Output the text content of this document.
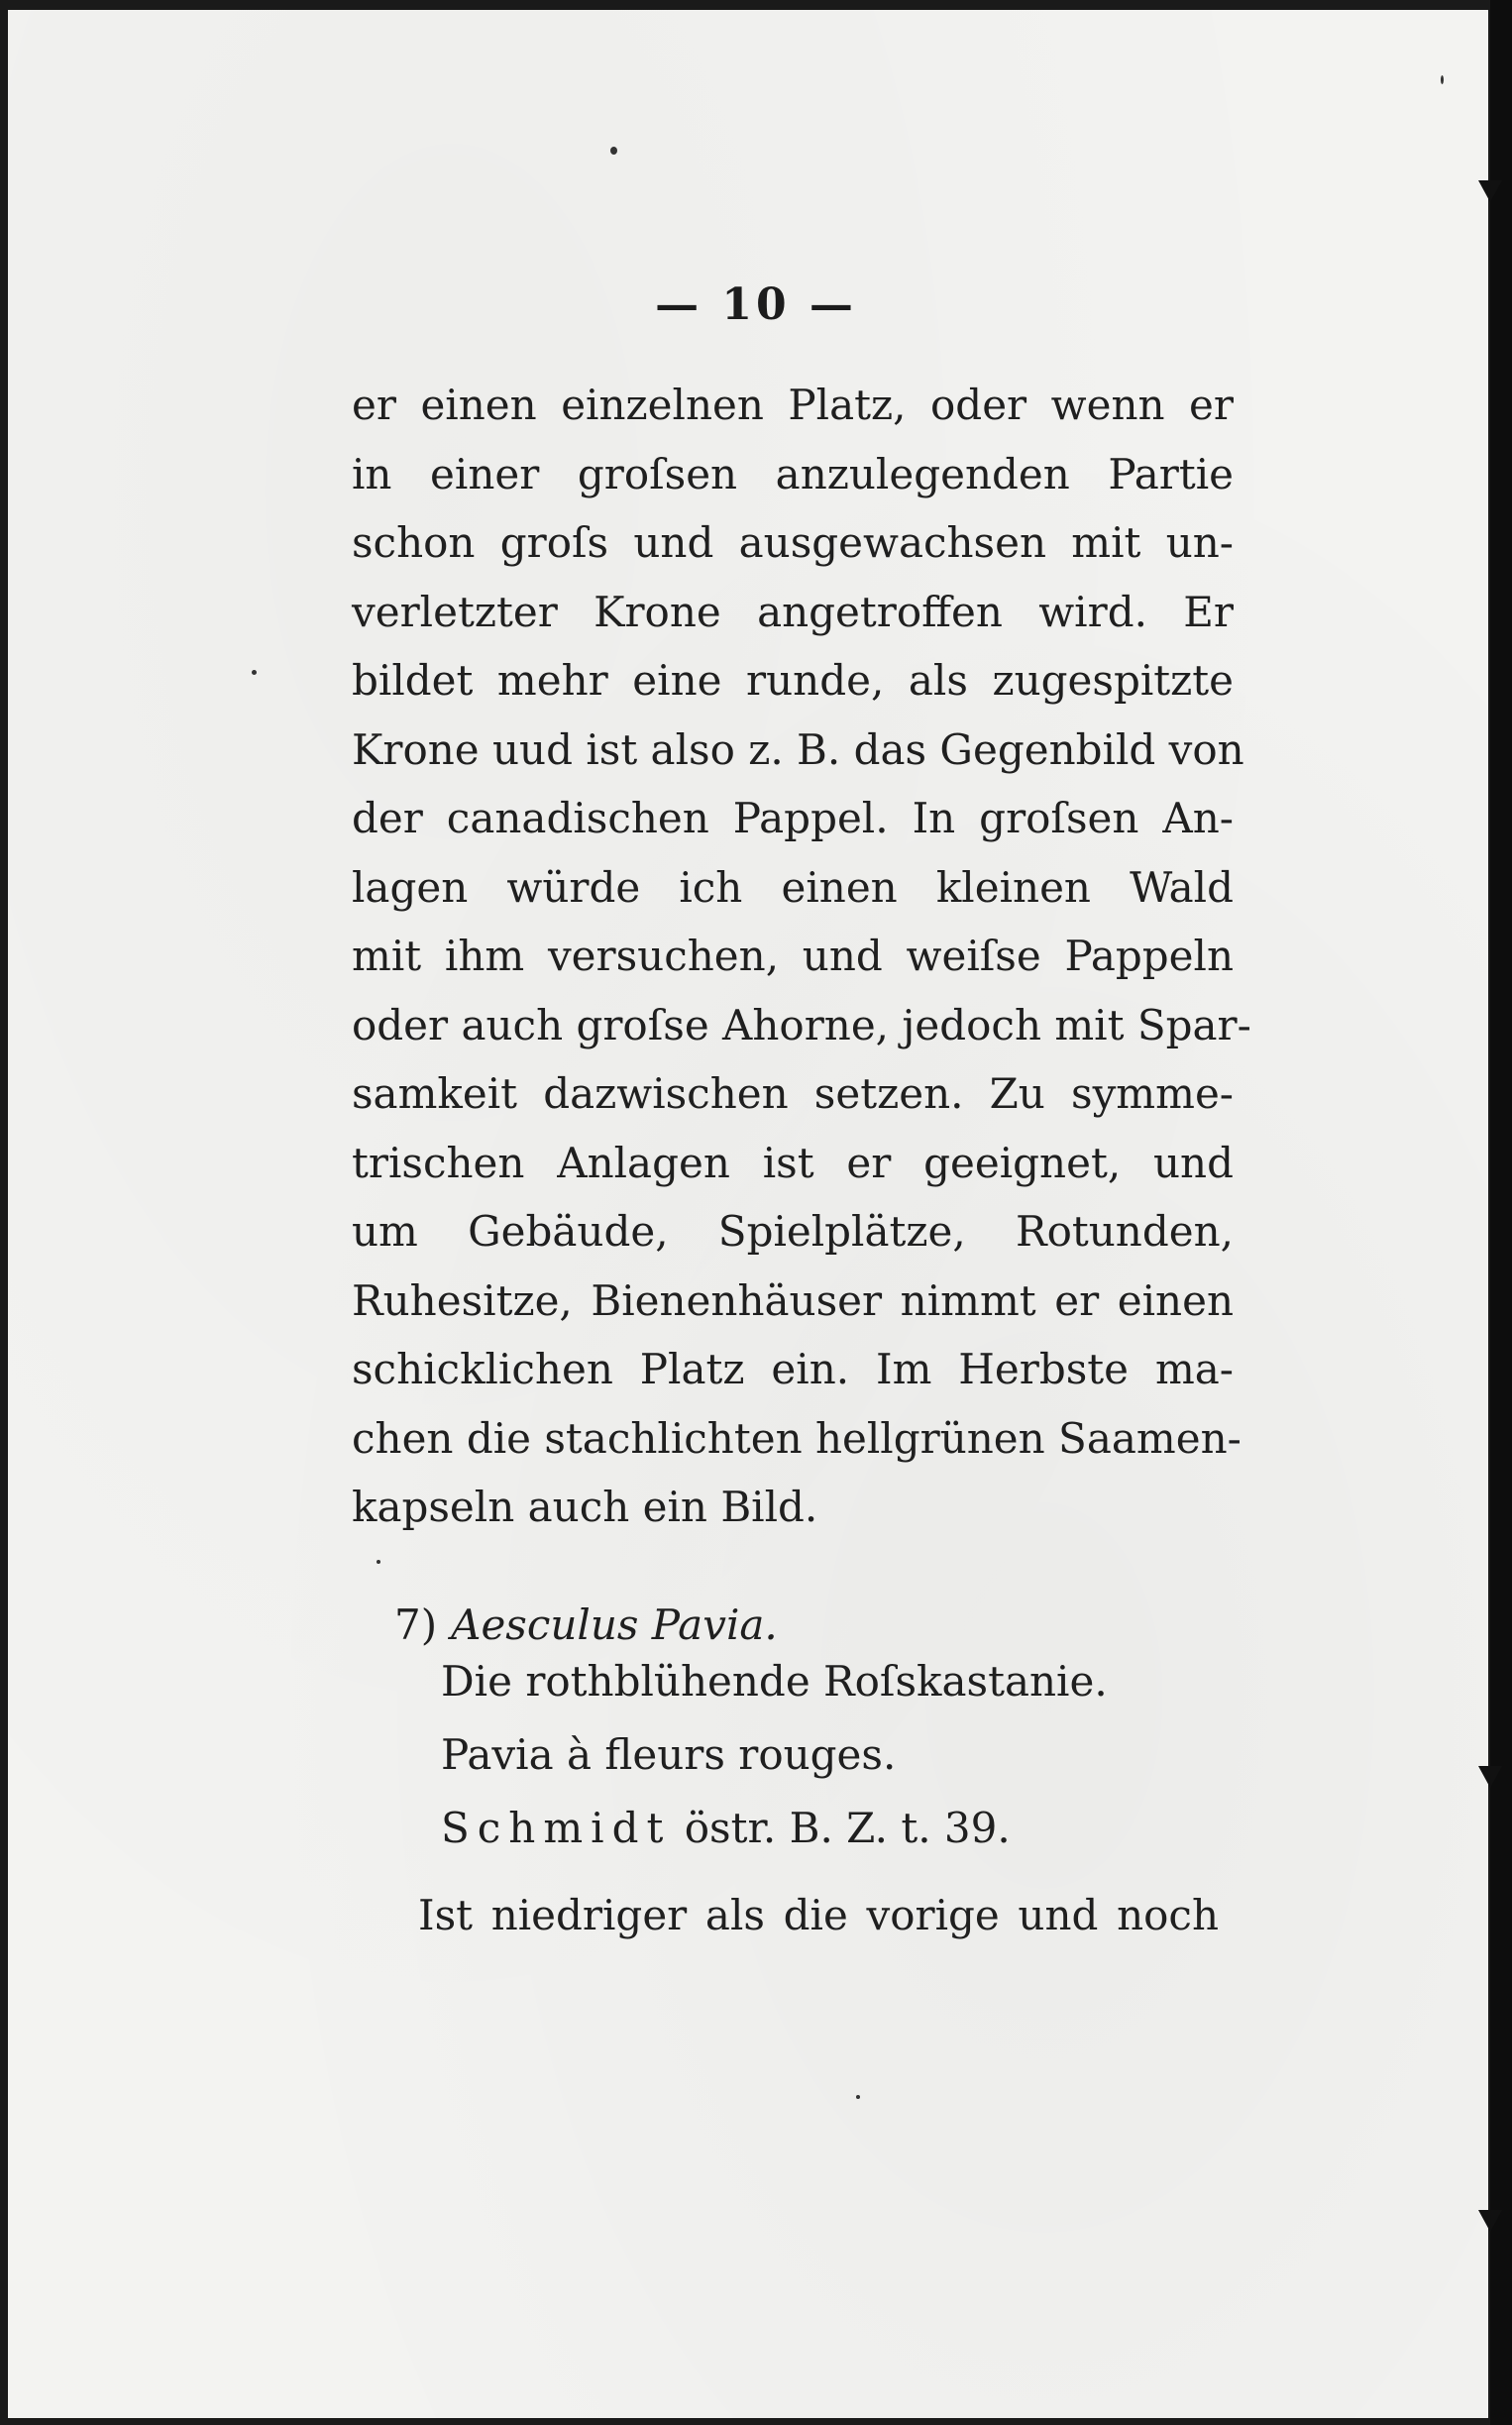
— 10 —
er einen einzelnen Platz, oder wenn er
in einer groſsen anzulegenden Partie
schon groſs und ausgewachsen mit un-
verletzter Krone angetroffen wird. Er
bildet mehr eine runde, als zugespitzte
Krone uud ist also z. B. das Gegenbild von
der canadischen Pappel. In groſsen An-
lagen würde ich einen kleinen Wald
mit ihm versuchen, und weiſse Pappeln
oder auch groſse Ahorne, jedoch mit Spar-
samkeit dazwischen setzen. Zu symme-
trischen Anlagen ist er geeignet, und
um Gebäude, Spielplätze, Rotunden,
Ruhesitze, Bienenhäuser nimmt er einen
schicklichen Platz ein. Im Herbste ma-
chen die stachlichten hellgrünen Saamen-
kapseln auch ein Bild.
7) Aesculus Pavia.
Die rothblühende Roſskastanie.
Pavia à fleurs rouges.
Schmidt östr. B. Z. t. 39.
Ist niedriger als die vorige und noch
